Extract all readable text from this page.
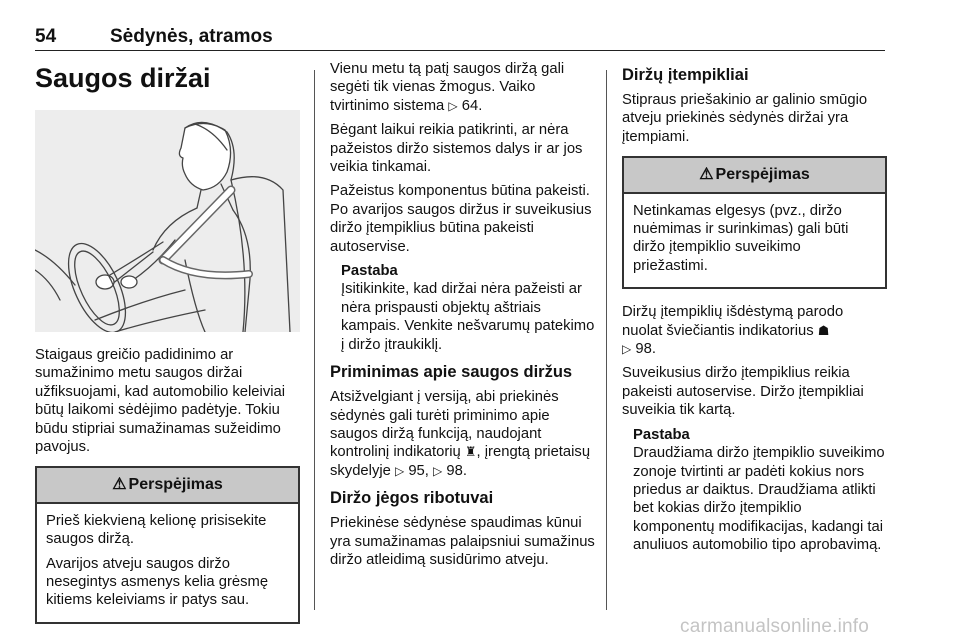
54	Sėdynės, atramos
Saugos diržai

Staigaus greičio padidinimo ar sumažinimo metu saugos diržai užfiksuojami, kad automobilio keleiviai būtų laikomi sėdėjimo padėtyje. Tokiu būdu stipriai sumažinamas sužeidimo pavojus.

⚠ Perspėjimas

Prieš kiekvieną kelionę prisisekite saugos diržą.

Avarijos atveju saugos diržo nesegintys asmenys kelia grėsmę kitiems keleiviams ir patys sau.

Vienu metu tą patį saugos diržą gali segėti tik vienas žmogus. Vaiko tvirtinimo sistema ▷ 64.

Bėgant laikui reikia patikrinti, ar nėra pažeistos diržo sistemos dalys ir ar jos veikia tinkamai.

Pažeistus komponentus būtina pakeisti. Po avarijos saugos diržus ir suveikusius diržo įtempiklius būtina pakeisti autoservise.

Pastaba
Įsitikinkite, kad diržai nėra pažeisti ar nėra prispausti objektų aštriais kampais. Venkite nešvarumų patekimo į diržo įtraukiklį.
Priminimas apie saugos diržus

Atsižvelgiant į versiją, abi priekinės sėdynės gali turėti priminimo apie saugos diržą funkciją, naudojant kontrolinį indikatorių ♜, įrengtą prietaisų skydelyje ▷ 95, ▷ 98.

Diržo jėgos ribotuvai

Priekinėse sėdynėse spaudimas kūnui yra sumažinamas palaipsniui sumažinus diržo atleidimą susidūrimo atveju.

Diržų įtempikliai

Stipraus priešakinio ar galinio smūgio atveju priekinės sėdynės diržai yra įtempiami.

⚠ Perspėjimas

Netinkamas elgesys (pvz., diržo nuėmimas ir surinkimas) gali būti diržo įtempiklio suveikimo priežastimi.

Diržų įtempiklių išdėstymą parodo nuolat šviečiantis indikatorius ☗
▷ 98.

Suveikusius diržo įtempiklius reikia pakeisti autoservise. Diržo įtempikliai suveikia tik kartą.

Pastaba
Draudžiama diržo įtempiklio suveikimo zonoje tvirtinti ar padėti kokius nors priedus ar daiktus. Draudžiama atlikti bet kokias diržo įtempiklio komponentų modifikacijas, kadangi tai anuliuos automobilio tipo aprobavimą.
carmanualsonline.info
